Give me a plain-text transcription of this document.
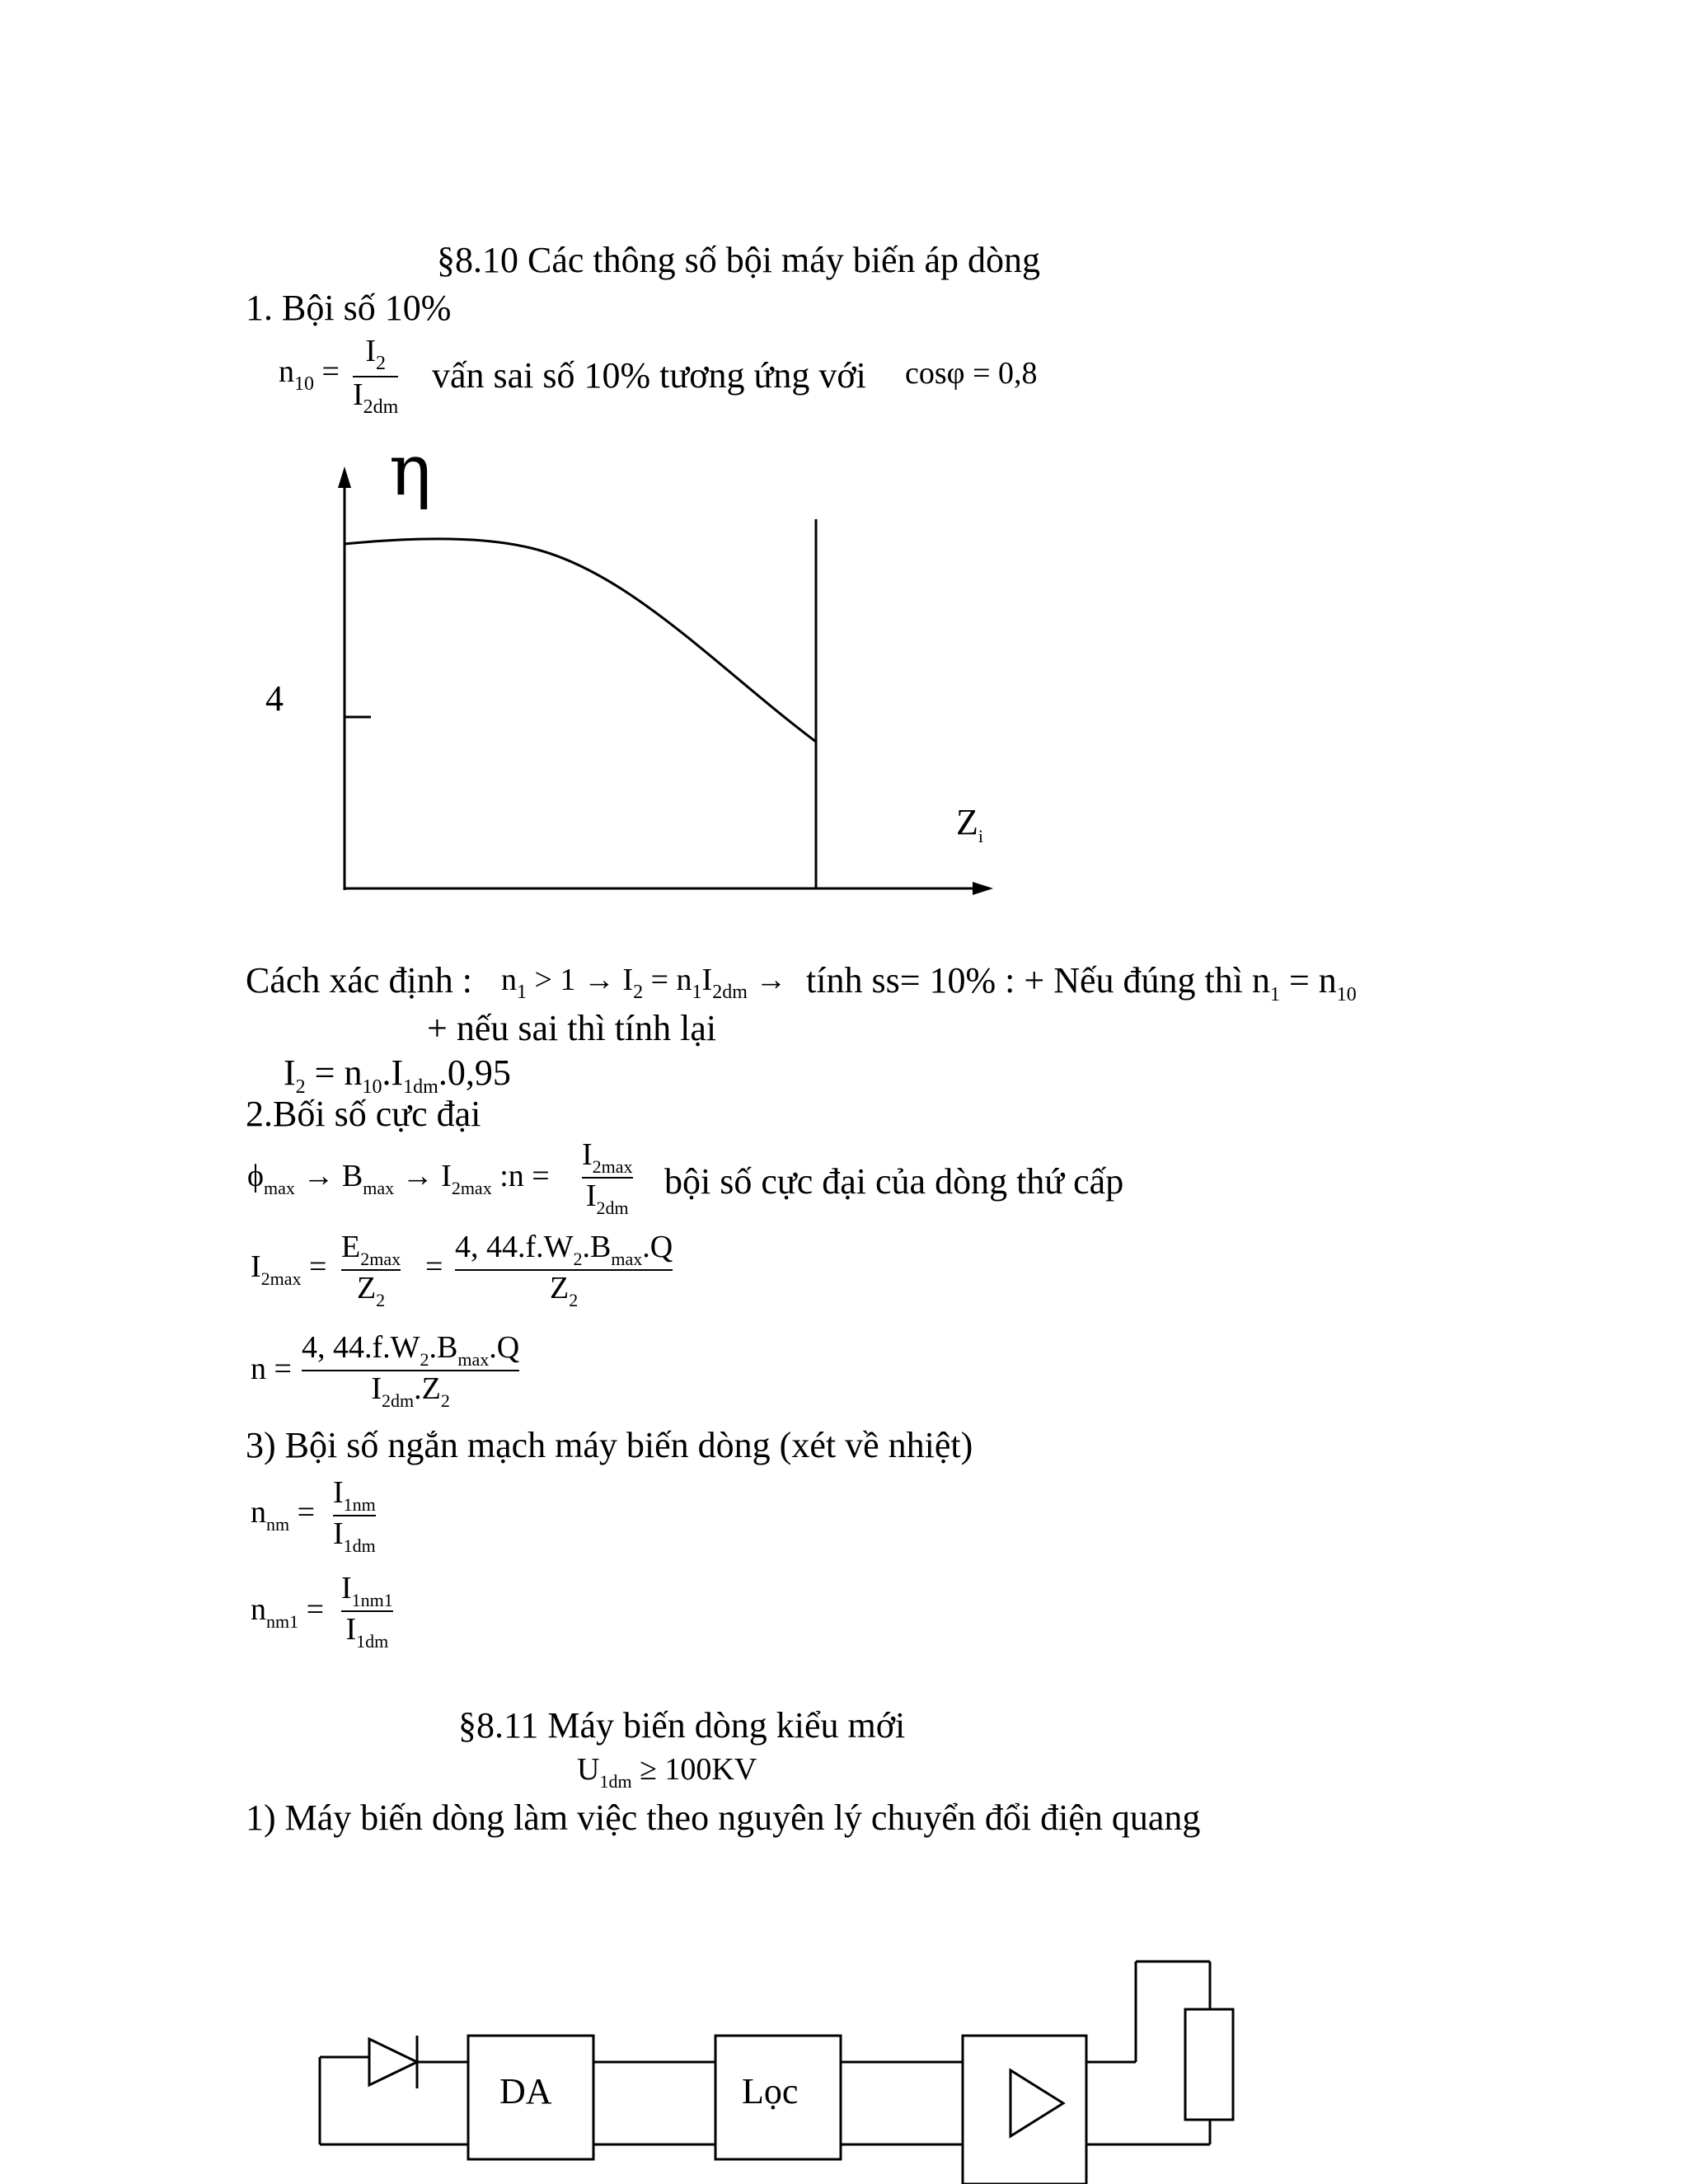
§8.10 Các thông số bội máy biến áp dòng
1. Bội số 10%
$n_{10}$ =
$I_2$
$I_{2dm}$
vấn sai số 10% tương ứng với cosφ = 0,8
η
4
$Z_i$
Cách xác định : $n_1 > 1 \to I_2 = n_1I_{2dm}$ → tính ss= 10% : + Nếu đúng thì $n_1 = n_{10}$
+ nếu sai thì tính lại
$I_2 = n_{10}.I_{1dm}.0,95$
2.Bối số cực đại
$\phi_{max} \to B_{max} \to I_{2max}$ :n =
$I_{2max}$
$I_{2dm}$
bội số cực đại của dòng thứ cấp
$I_{2max}$ =
$E_{2max}$
$Z_2$
=
4, $44.f.W_2.B_{max}.Q$
$Z_2$
n =
4, $44.f.W_2.B_{max}.Q$
$I_{2dm}.Z_2$
3) Bội số ngắn mạch máy biến dòng (xét về nhiệt)
$n_{nm}$ =
$I_{1nm}$
$I_{1dm}$
$n_{nm1}$ =
$I_{1nm1}$
$I_{1dm}$
§8.11 Máy biến dòng kiểu mới
$U_{1dm} \ge 100KV$
1) Máy biến dòng làm việc theo nguyên lý chuyển đổi điện quang
DA	Lọc
